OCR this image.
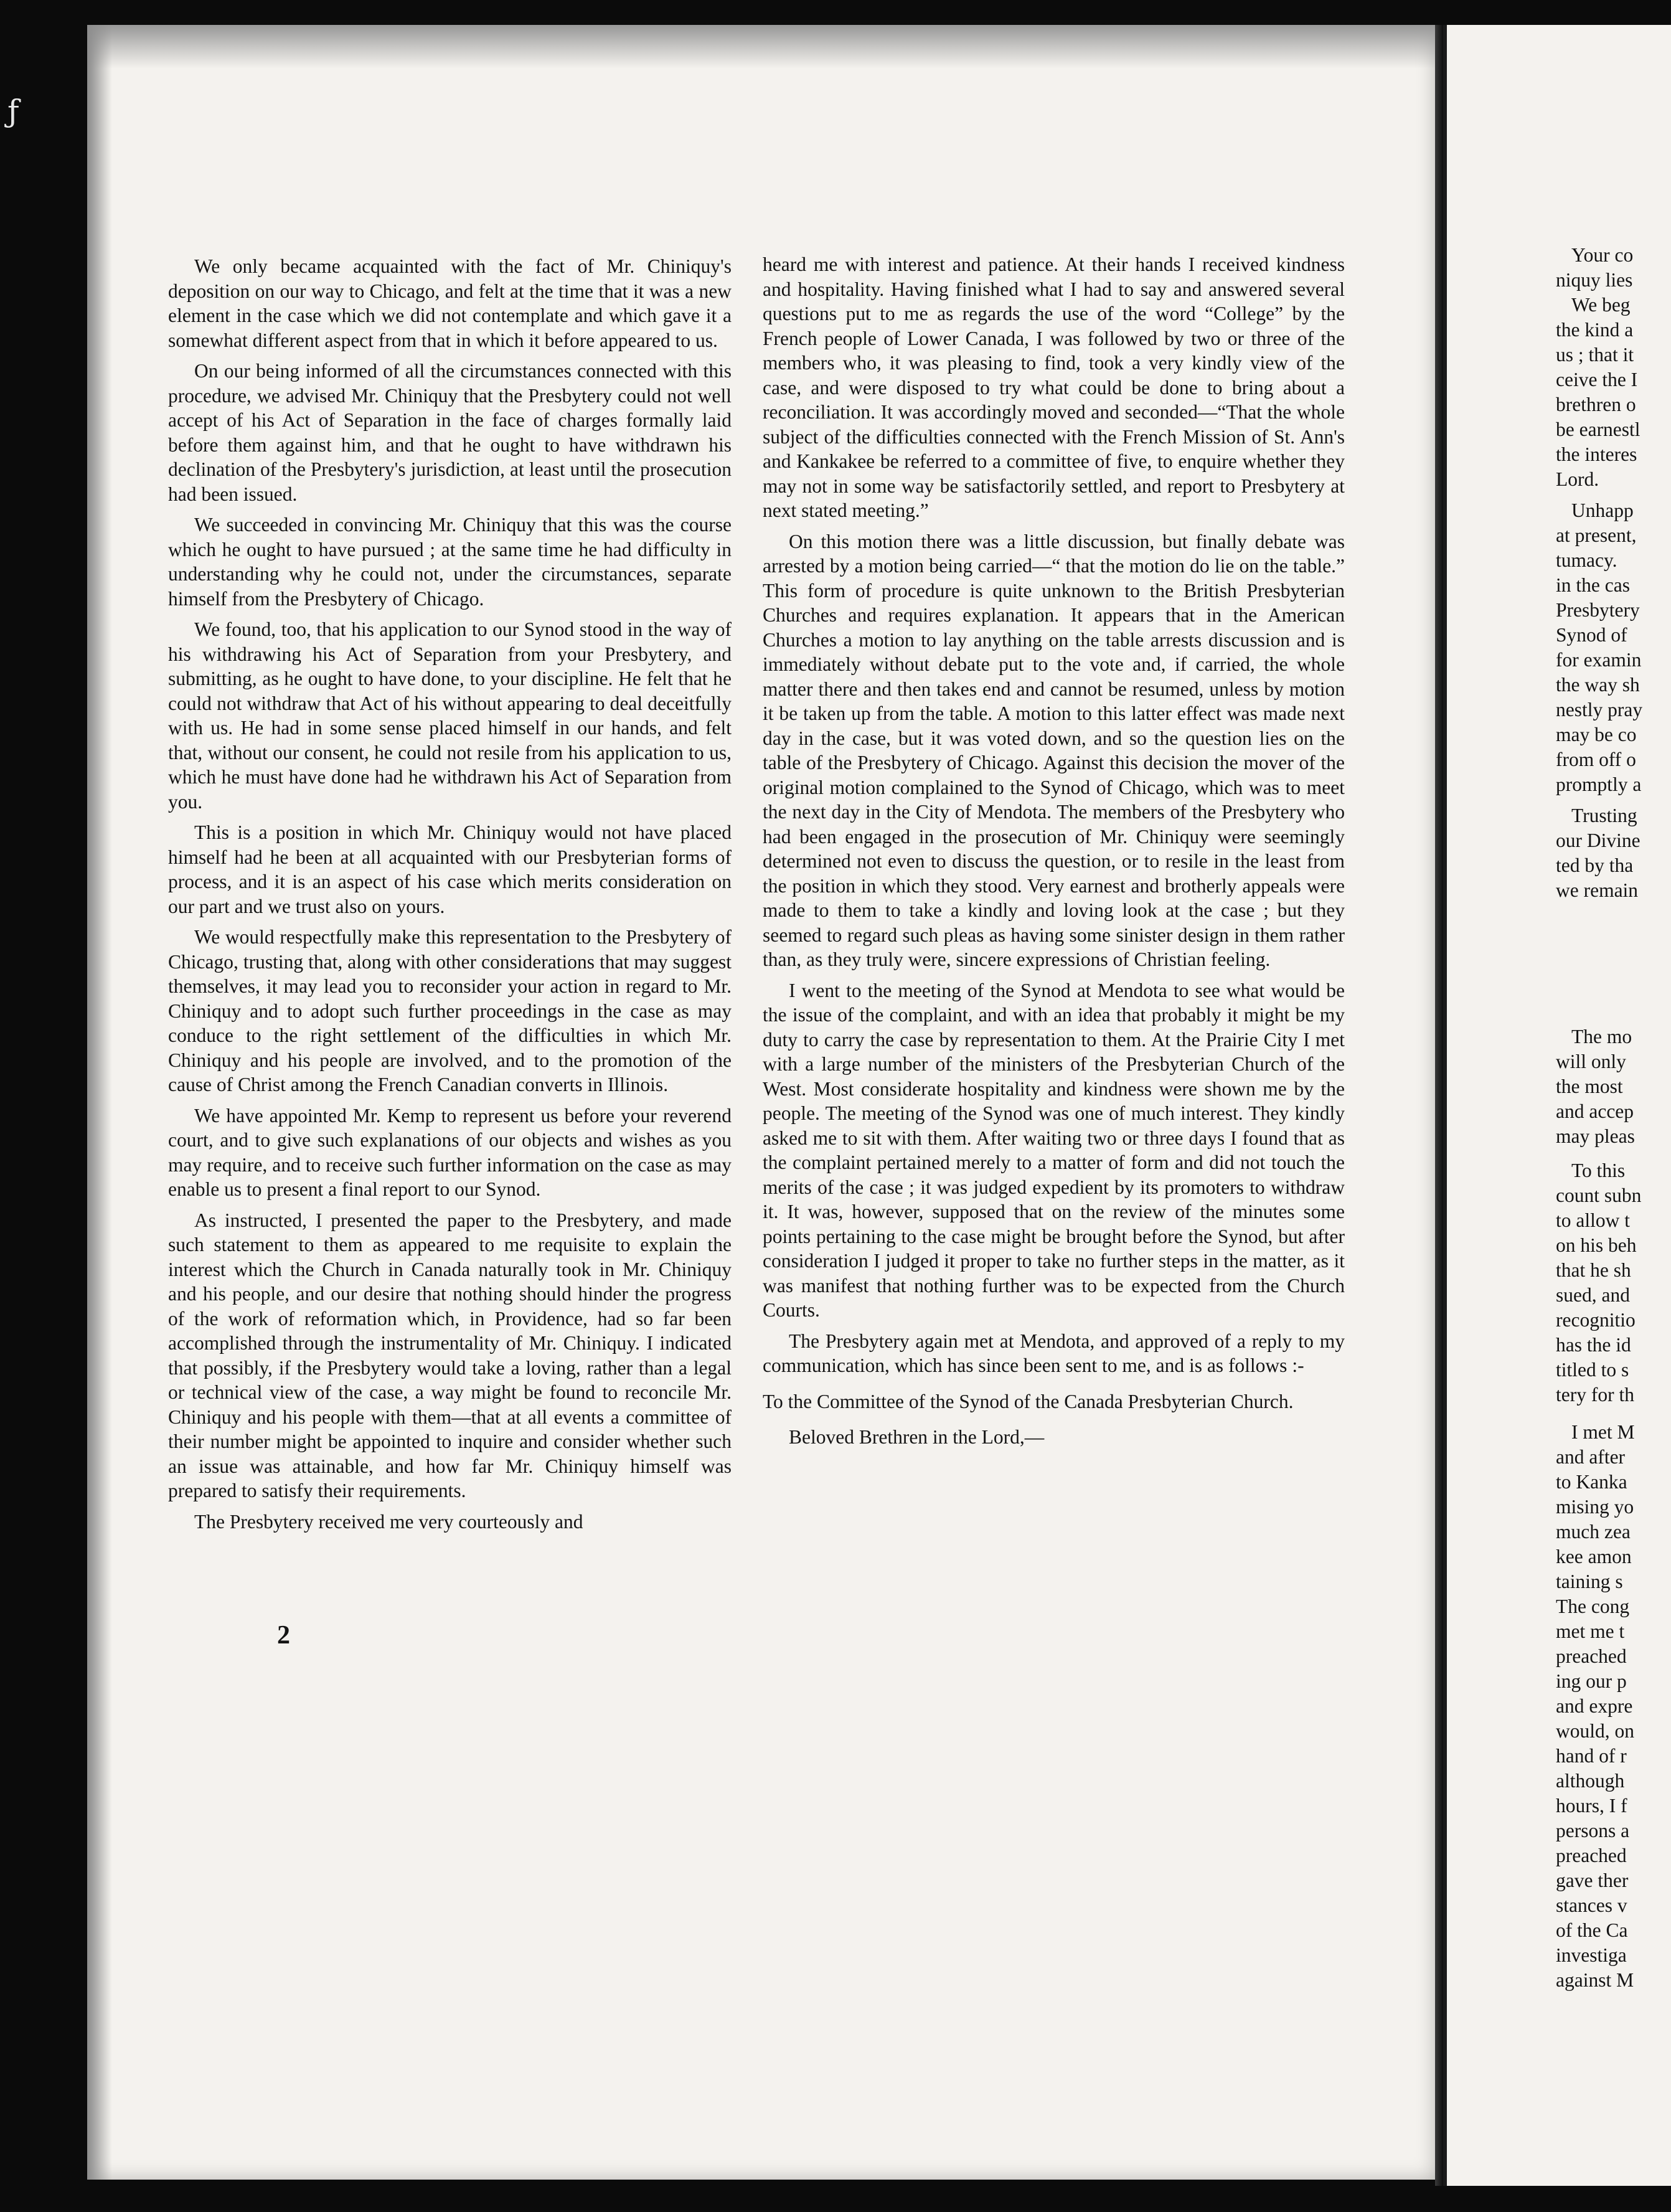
ƒ

We only became acquainted with the fact of Mr. Chiniquy's deposition on our way to Chicago, and felt at the time that it was a new element in the case which we did not contemplate and which gave it a somewhat different aspect from that in which it before appeared to us.

On our being informed of all the circumstances connected with this procedure, we advised Mr. Chiniquy that the Presbytery could not well accept of his Act of Separation in the face of charges formally laid before them against him, and that he ought to have withdrawn his declination of the Presbytery's jurisdiction, at least until the prosecution had been issued.

We succeeded in convincing Mr. Chiniquy that this was the course which he ought to have pursued ; at the same time he had difficulty in understanding why he could not, under the circumstances, separate himself from the Presbytery of Chicago.

We found, too, that his application to our Synod stood in the way of his withdrawing his Act of Separation from your Presbytery, and submitting, as he ought to have done, to your discipline. He felt that he could not withdraw that Act of his without appearing to deal deceitfully with us. He had in some sense placed himself in our hands, and felt that, without our consent, he could not resile from his application to us, which he must have done had he withdrawn his Act of Separation from you.

This is a position in which Mr. Chiniquy would not have placed himself had he been at all acquainted with our Presbyterian forms of process, and it is an aspect of his case which merits consideration on our part and we trust also on yours.

We would respectfully make this representation to the Presbytery of Chicago, trusting that, along with other considerations that may suggest themselves, it may lead you to reconsider your action in regard to Mr. Chiniquy and to adopt such further proceedings in the case as may conduce to the right settlement of the difficulties in which Mr. Chiniquy and his people are involved, and to the promotion of the cause of Christ among the French Canadian converts in Illinois.

We have appointed Mr. Kemp to represent us before your reverend court, and to give such explanations of our objects and wishes as you may require, and to receive such further information on the case as may enable us to present a final report to our Synod.

As instructed, I presented the paper to the Presbytery, and made such statement to them as appeared to me requisite to explain the interest which the Church in Canada naturally took in Mr. Chiniquy and his people, and our desire that nothing should hinder the progress of the work of reformation which, in Providence, had so far been accomplished through the instrumentality of Mr. Chiniquy. I indicated that possibly, if the Presbytery would take a loving, rather than a legal or technical view of the case, a way might be found to reconcile Mr. Chiniquy and his people with them—that at all events a committee of their number might be appointed to inquire and consider whether such an issue was attainable, and how far Mr. Chiniquy himself was prepared to satisfy their requirements.

The Presbytery received me very courteously and

2

heard me with interest and patience. At their hands I received kindness and hospitality. Having finished what I had to say and answered several questions put to me as regards the use of the word “College” by the French people of Lower Canada, I was followed by two or three of the members who, it was pleasing to find, took a very kindly view of the case, and were disposed to try what could be done to bring about a reconciliation. It was accordingly moved and seconded—“That the whole subject of the difficulties connected with the French Mission of St. Ann's and Kankakee be referred to a committee of five, to enquire whether they may not in some way be satisfactorily settled, and report to Presbytery at next stated meeting.”

On this motion there was a little discussion, but finally debate was arrested by a motion being carried—“ that the motion do lie on the table.” This form of procedure is quite unknown to the British Presbyterian Churches and requires explanation. It appears that in the American Churches a motion to lay anything on the table arrests discussion and is immediately without debate put to the vote and, if carried, the whole matter there and then takes end and cannot be resumed, unless by motion it be taken up from the table. A motion to this latter effect was made next day in the case, but it was voted down, and so the question lies on the table of the Presbytery of Chicago. Against this decision the mover of the original motion complained to the Synod of Chicago, which was to meet the next day in the City of Mendota. The members of the Presbytery who had been engaged in the prosecution of Mr. Chiniquy were seemingly determined not even to discuss the question, or to resile in the least from the position in which they stood. Very earnest and brotherly appeals were made to them to take a kindly and loving look at the case ; but they seemed to regard such pleas as having some sinister design in them rather than, as they truly were, sincere expressions of Christian feeling.

I went to the meeting of the Synod at Mendota to see what would be the issue of the complaint, and with an idea that probably it might be my duty to carry the case by representation to them. At the Prairie City I met with a large number of the ministers of the Presbyterian Church of the West. Most considerate hospitality and kindness were shown me by the people. The meeting of the Synod was one of much interest. They kindly asked me to sit with them. After waiting two or three days I found that as the complaint pertained merely to a matter of form and did not touch the merits of the case ; it was judged expedient by its promoters to withdraw it. It was, however, supposed that on the review of the minutes some points pertaining to the case might be brought before the Synod, but after consideration I judged it proper to take no further steps in the matter, as it was manifest that nothing further was to be expected from the Church Courts.

The Presbytery again met at Mendota, and approved of a reply to my communication, which has since been sent to me, and is as follows :-

To the Committee of the Synod of the Canada Presbyterian Church.

Beloved Brethren in the Lord,—

Your co
niquy lies
We beg
the kind a
us ; that it
ceive the I
brethren o
be earnestl
the interes
Lord.
Unhapp
at present,
tumacy.
in the cas
Presbytery
Synod of
for examin
the way sh
nestly pray
may be co
from off o
promptly a
Trusting
our Divine
ted by tha
we remain
The mo
will only
the most
and accep
may pleas
To this
count subn
to allow t
on his beh
that he sh
sued, and
recognitio
has the id
titled to s
tery for th
I met M
and after
to Kanka
mising yo
much zea
kee amon
taining s
The cong
met me t
preached
ing our p
and expre
would, on
hand of r
although
hours, I f
persons a
preached
gave ther
stances v
of the Ca
investiga
against M
